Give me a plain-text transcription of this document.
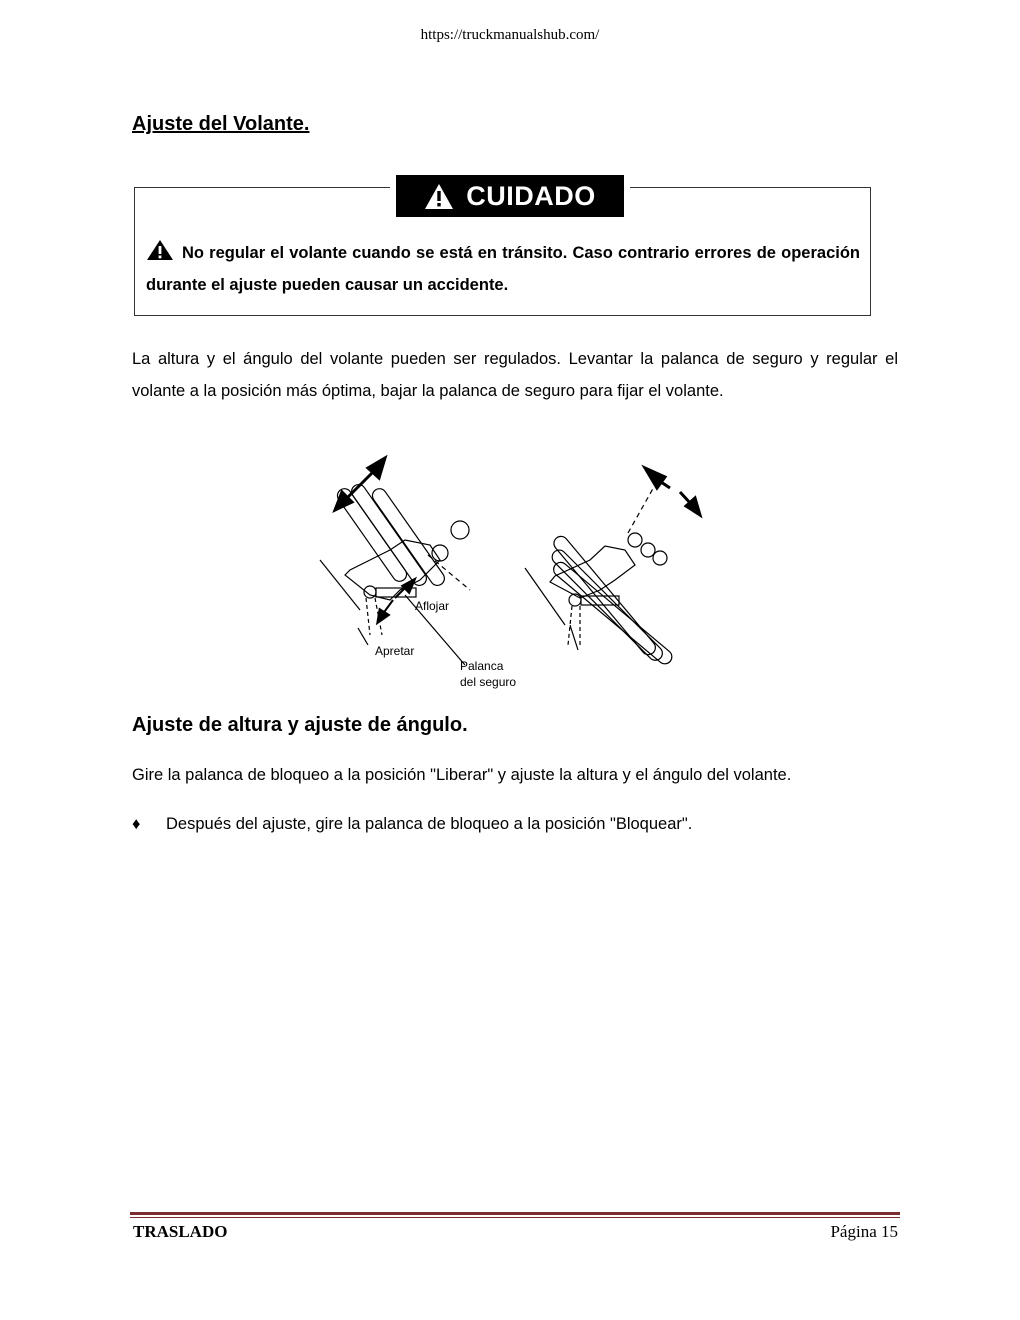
https://truckmanualshub.com/
Ajuste del Volante.
CUIDADO
No regular el volante cuando se está en tránsito. Caso contrario errores de operación durante el ajuste pueden causar un accidente.
La altura y el ángulo del volante pueden ser regulados. Levantar la palanca de seguro y regular el volante a la posición más óptima, bajar la palanca de seguro para fijar el volante.
Aflojar
Apretar
Palanca
del seguro
Ajuste de altura y ajuste de ángulo.
Gire la palanca de bloqueo a la posición "Liberar" y ajuste la altura y el ángulo del volante.
♦ Después del ajuste, gire la palanca de bloqueo a la posición "Bloquear".
TRASLADO	Página 15
